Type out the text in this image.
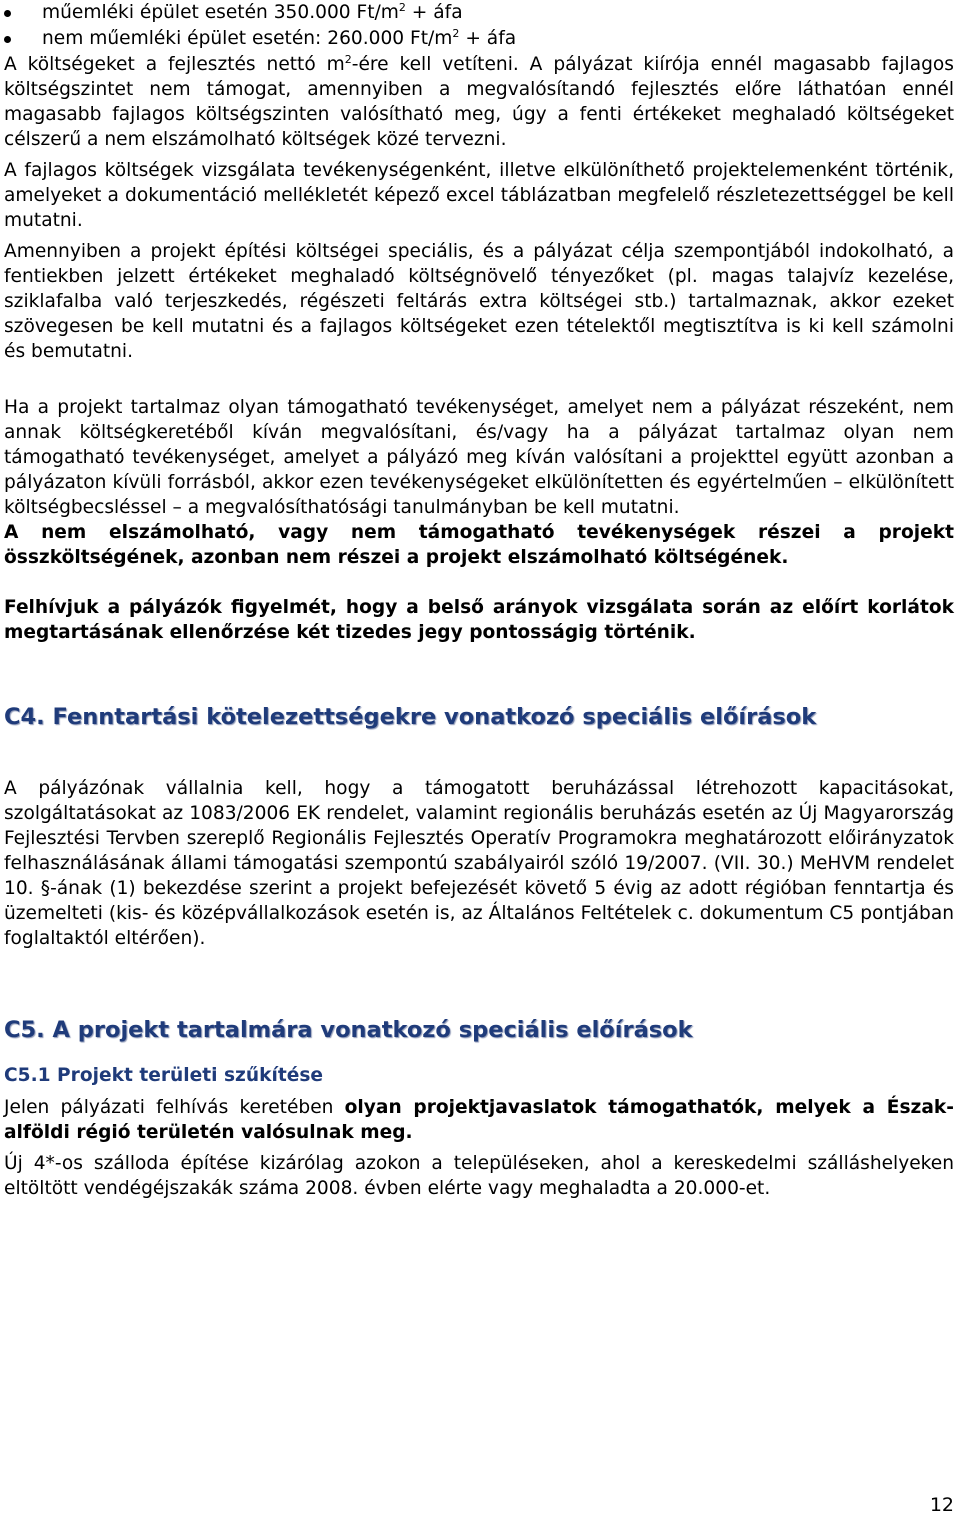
műemléki épület esetén 350.000 $Ft/m^2$ + áfa
nem műemléki épület esetén: 260.000 $Ft/m^2$ + áfa

A költségeket a fejlesztés nettó $m^2$-ére kell vetíteni. A pályázat kiírója ennél magasabb fajlagos költségszintet nem támogat, amennyiben a megvalósítandó fejlesztés előre láthatóan ennél magasabb fajlagos költségszinten valósítható meg, úgy a fenti értékeket meghaladó költségeket célszerű a nem elszámolható költségek közé tervezni.

A fajlagos költségek vizsgálata tevékenységenként, illetve elkülöníthető projektelemenként történik, amelyeket a dokumentáció mellékletét képező excel táblázatban megfelelő részletezettséggel be kell mutatni.

Amennyiben a projekt építési költségei speciális, és a pályázat célja szempontjából indokolható, a fentiekben jelzett értékeket meghaladó költségnövelő tényezőket (pl. magas talajvíz kezelése, sziklafalba való terjeszkedés, régészeti feltárás extra költségei stb.) tartalmaznak, akkor ezeket szövegesen be kell mutatni és a fajlagos költségeket ezen tételektől megtisztítva is ki kell számolni és bemutatni.

Ha a projekt tartalmaz olyan támogatható tevékenységet, amelyet nem a pályázat részeként, nem annak költségkeretéből kíván megvalósítani, és/vagy ha a pályázat tartalmaz olyan nem támogatható tevékenységet, amelyet a pályázó meg kíván valósítani a projekttel együtt azonban a pályázaton kívüli forrásból, akkor ezen tevékenységeket elkülönítetten és egyértelműen – elkülönített költségbecsléssel – a megvalósíthatósági tanulmányban be kell mutatni.

A nem elszámolható, vagy nem támogatható tevékenységek részei a projekt összköltségének, azonban nem részei a projekt elszámolható költségének.

Felhívjuk a pályázók figyelmét, hogy a belső arányok vizsgálata során az előírt korlátok megtartásának ellenőrzése két tizedes jegy pontosságig történik.

C4. Fenntartási kötelezettségekre vonatkozó speciális előírások

A pályázónak vállalnia kell, hogy a támogatott beruházással létrehozott kapacitásokat, szolgáltatásokat az 1083/2006 EK rendelet, valamint regionális beruházás esetén az Új Magyarország Fejlesztési Tervben szereplő Regionális Fejlesztés Operatív Programokra meghatározott előirányzatok felhasználásának állami támogatási szempontú szabályairól szóló 19/2007. (VII. 30.) MeHVM rendelet 10. §-ának (1) bekezdése szerint a projekt befejezését követő 5 évig az adott régióban fenntartja és üzemelteti (kis- és középvállalkozások esetén is, az Általános Feltételek c. dokumentum C5 pontjában foglaltaktól eltérően).

C5. A projekt tartalmára vonatkozó speciális előírások
C5.1 Projekt területi szűkítése

Jelen pályázati felhívás keretében olyan projektjavaslatok támogathatók, melyek a Észak-alföldi régió területén valósulnak meg.

Új 4*-os szálloda építése kizárólag azokon a településeken, ahol a kereskedelmi szálláshelyeken eltöltött vendégéjszakák száma 2008. évben elérte vagy meghaladta a 20.000-et.

12
